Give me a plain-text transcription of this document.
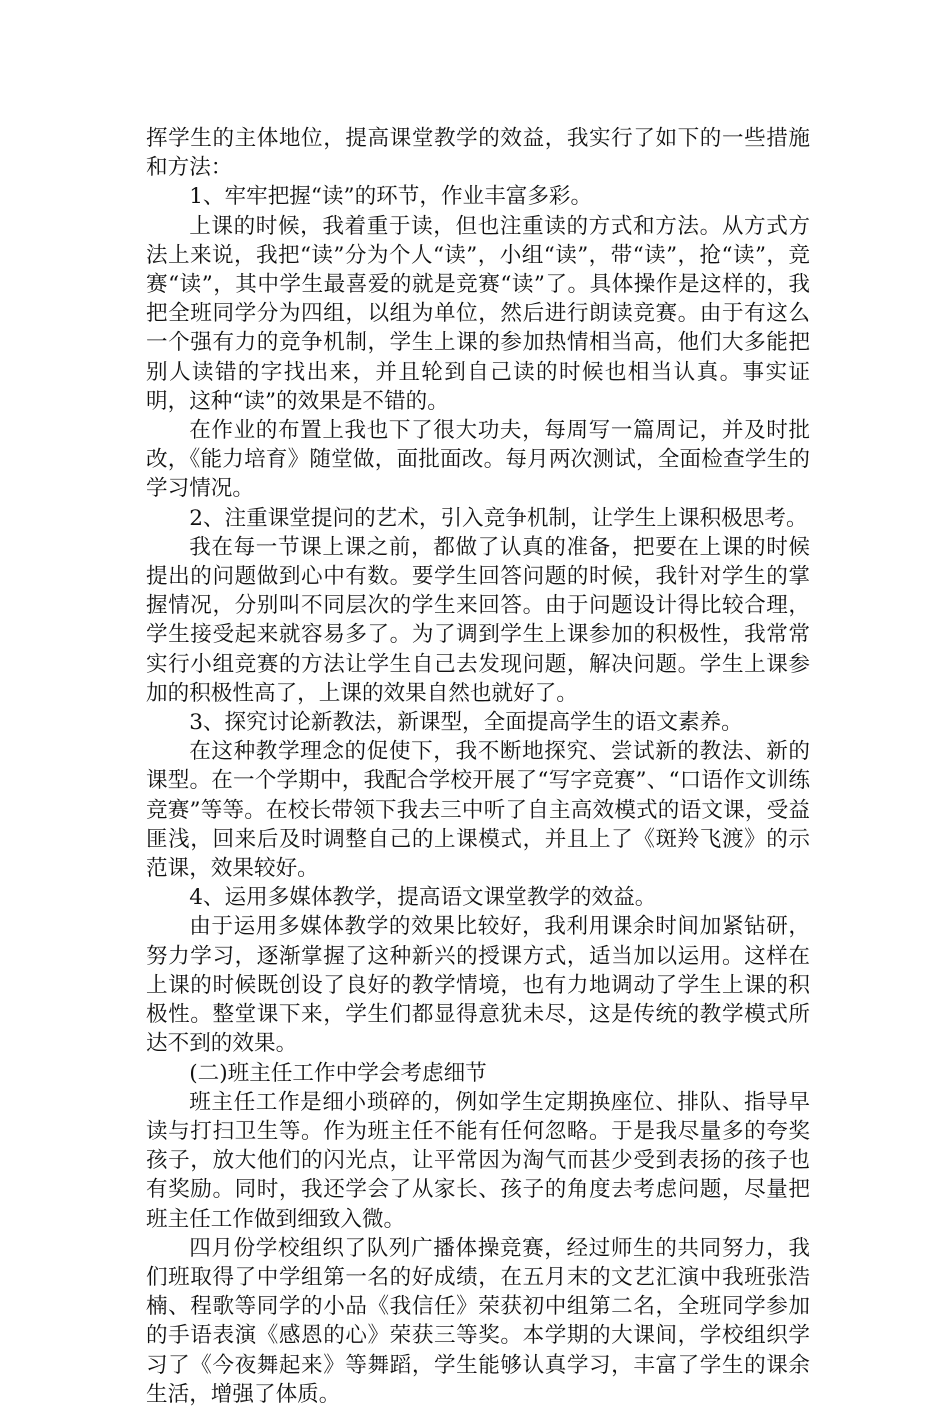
挥学生的主体地位，提高课堂教学的效益，我实行了如下的一些措施和方法：

1、牢牢把握“读”的环节，作业丰富多彩。

上课的时候，我着重于读，但也注重读的方式和方法。从方式方法上来说，我把“读”分为个人“读”，小组“读”，带“读”，抢“读”，竞赛“读”，其中学生最喜爱的就是竞赛“读”了。具体操作是这样的，我把全班同学分为四组，以组为单位，然后进行朗读竞赛。由于有这么一个强有力的竞争机制，学生上课的参加热情相当高，他们大多能把别人读错的字找出来，并且轮到自己读的时候也相当认真。事实证明，这种“读”的效果是不错的。

在作业的布置上我也下了很大功夫，每周写一篇周记，并及时批改，《能力培育》随堂做，面批面改。每月两次测试，全面检查学生的学习情况。

2、注重课堂提问的艺术，引入竞争机制，让学生上课积极思考。

我在每一节课上课之前，都做了认真的准备，把要在上课的时候提出的问题做到心中有数。要学生回答问题的时候，我针对学生的掌握情况，分别叫不同层次的学生来回答。由于问题设计得比较合理，学生接受起来就容易多了。为了调到学生上课参加的积极性，我常常实行小组竞赛的方法让学生自己去发现问题，解决问题。学生上课参加的积极性高了，上课的效果自然也就好了。

3、探究讨论新教法，新课型，全面提高学生的语文素养。

在这种教学理念的促使下，我不断地探究、尝试新的教法、新的课型。在一个学期中，我配合学校开展了“写字竞赛”、“口语作文训练竞赛”等等。在校长带领下我去三中听了自主高效模式的语文课，受益匪浅，回来后及时调整自己的上课模式，并且上了《斑羚飞渡》的示范课，效果较好。

4、运用多媒体教学，提高语文课堂教学的效益。

由于运用多媒体教学的效果比较好，我利用课余时间加紧钻研，努力学习，逐渐掌握了这种新兴的授课方式，适当加以运用。这样在上课的时候既创设了良好的教学情境，也有力地调动了学生上课的积极性。整堂课下来，学生们都显得意犹未尽，这是传统的教学模式所达不到的效果。

(二)班主任工作中学会考虑细节

班主任工作是细小琐碎的，例如学生定期换座位、排队、指导早读与打扫卫生等。作为班主任不能有任何忽略。于是我尽量多的夸奖孩子，放大他们的闪光点，让平常因为淘气而甚少受到表扬的孩子也有奖励。同时，我还学会了从家长、孩子的角度去考虑问题，尽量把班主任工作做到细致入微。

四月份学校组织了队列广播体操竞赛，经过师生的共同努力，我们班取得了中学组第一名的好成绩，在五月末的文艺汇演中我班张浩楠、程歌等同学的小品《我信任》荣获初中组第二名，全班同学参加的手语表演《感恩的心》荣获三等奖。本学期的大课间，学校组织学习了《今夜舞起来》等舞蹈，学生能够认真学习，丰富了学生的课余生活，增强了体质。
